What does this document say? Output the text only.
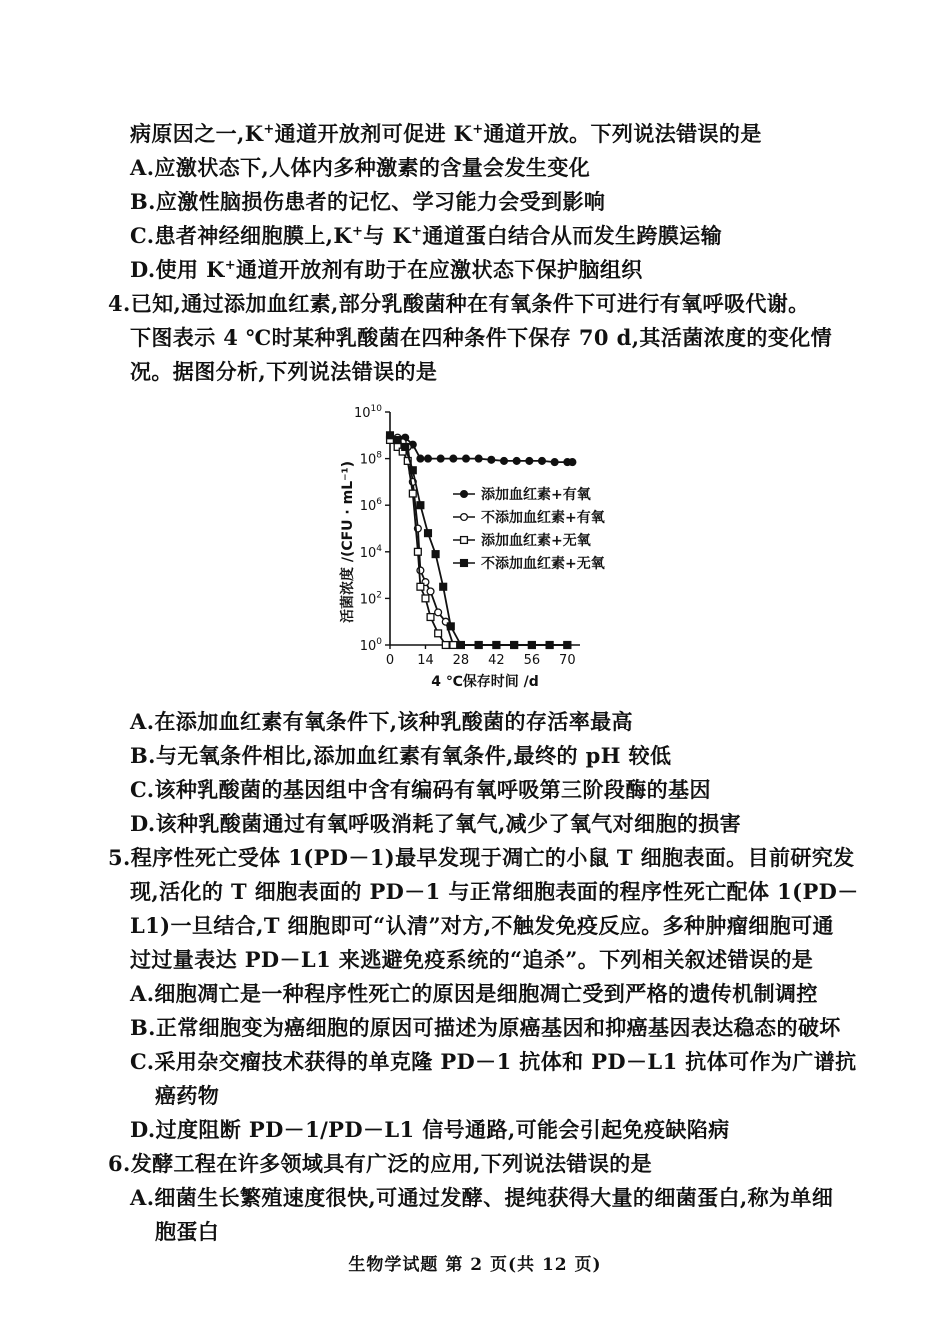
病原因之一,K+通道开放剂可促进 K+通道开放。下列说法错误的是
A.应激状态下,人体内多种激素的含量会发生变化
B.应激性脑损伤患者的记忆、学习能力会受到影响
C.患者神经细胞膜上,K+与 K+通道蛋白结合从而发生跨膜运输
D.使用 K+通道开放剂有助于在应激状态下保护脑组织
4.已知,通过添加血红素,部分乳酸菌种在有氧条件下可进行有氧呼吸代谢。
下图表示 4 ℃时某种乳酸菌在四种条件下保存 70 d,其活菌浓度的变化情
况。据图分析,下列说法错误的是
活菌浓度 /(CFU · mL⁻¹)
$10^{10}$
$10^8$
$10^6$
$10^4$
$10^2$
$10^0$
0 14 28 42 56 70
4 ℃保存时间 /d
添加血红素+有氧
不添加血红素+有氧
添加血红素+无氧
不添加血红素+无氧
A.在添加血红素有氧条件下,该种乳酸菌的存活率最高
B.与无氧条件相比,添加血红素有氧条件,最终的 pH 较低
C.该种乳酸菌的基因组中含有编码有氧呼吸第三阶段酶的基因
D.该种乳酸菌通过有氧呼吸消耗了氧气,减少了氧气对细胞的损害
5.程序性死亡受体 1(PD－1)最早发现于凋亡的小鼠 T 细胞表面。目前研究发
现,活化的 T 细胞表面的 PD－1 与正常细胞表面的程序性死亡配体 1(PD－
L1)一旦结合,T 细胞即可“认清”对方,不触发免疫反应。多种肿瘤细胞可通
过过量表达 PD－L1 来逃避免疫系统的“追杀”。下列相关叙述错误的是
A.细胞凋亡是一种程序性死亡的原因是细胞凋亡受到严格的遗传机制调控
B.正常细胞变为癌细胞的原因可描述为原癌基因和抑癌基因表达稳态的破坏
C.采用杂交瘤技术获得的单克隆 PD－1 抗体和 PD－L1 抗体可作为广谱抗
癌药物
D.过度阻断 PD－1/PD－L1 信号通路,可能会引起免疫缺陷病
6.发酵工程在许多领域具有广泛的应用,下列说法错误的是
A.细菌生长繁殖速度很快,可通过发酵、提纯获得大量的细菌蛋白,称为单细
胞蛋白
生物学试题 第 2 页(共 12 页)
